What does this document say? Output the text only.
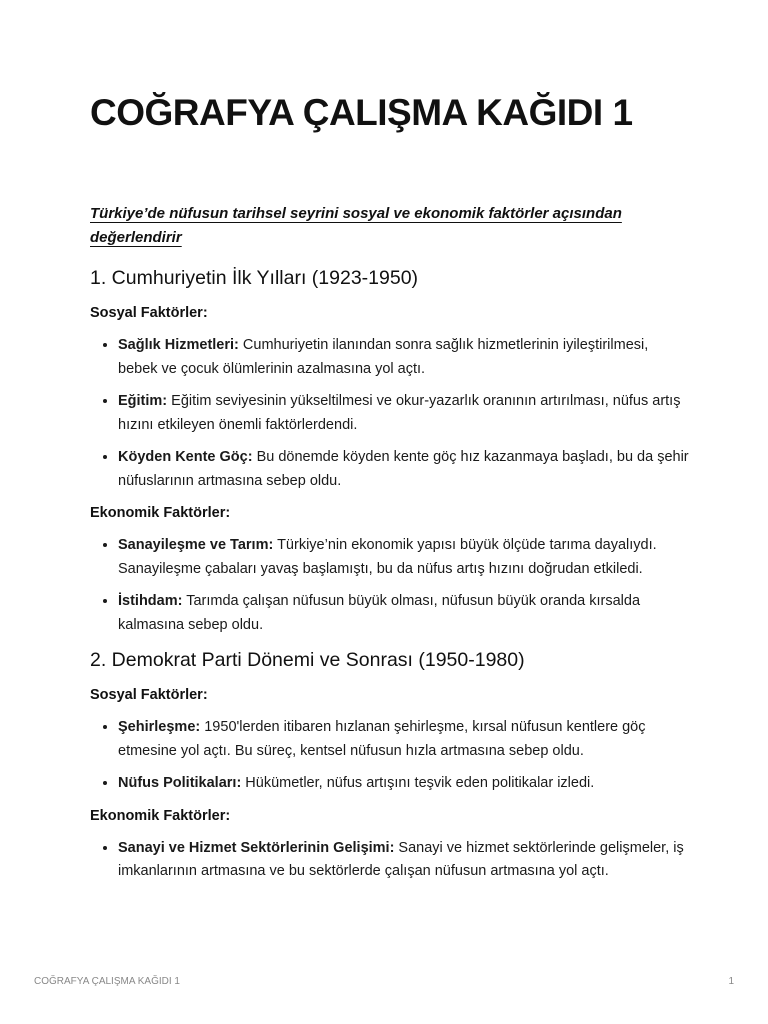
COĞRAFYA ÇALIŞMA KAĞIDI 1

Türkiye’de nüfusun tarihsel seyrini sosyal ve ekonomik faktörler açısından değerlendirir

1. Cumhuriyetin İlk Yılları (1923-1950)
Sosyal Faktörler:
• Sağlık Hizmetleri: Cumhuriyetin ilanından sonra sağlık hizmetlerinin iyileştirilmesi, bebek ve çocuk ölümlerinin azalmasına yol açtı.
• Eğitim: Eğitim seviyesinin yükseltilmesi ve okur-yazarlık oranının artırılması, nüfus artış hızını etkileyen önemli faktörlerdendi.
• Köyden Kente Göç: Bu dönemde köyden kente göç hız kazanmaya başladı, bu da şehir nüfuslarının artmasına sebep oldu.
Ekonomik Faktörler:
• Sanayileşme ve Tarım: Türkiye’nin ekonomik yapısı büyük ölçüde tarıma dayalıydı. Sanayileşme çabaları yavaş başlamıştı, bu da nüfus artış hızını doğrudan etkiledi.
• İstihdam: Tarımda çalışan nüfusun büyük olması, nüfusun büyük oranda kırsalda kalmasına sebep oldu.
2. Demokrat Parti Dönemi ve Sonrası (1950-1980)
Sosyal Faktörler:
• Şehirleşme: 1950'lerden itibaren hızlanan şehirleşme, kırsal nüfusun kentlere göç etmesine yol açtı. Bu süreç, kentsel nüfusun hızla artmasına sebep oldu.
• Nüfus Politikaları: Hükümetler, nüfus artışını teşvik eden politikalar izledi.
Ekonomik Faktörler:
• Sanayi ve Hizmet Sektörlerinin Gelişimi: Sanayi ve hizmet sektörlerinde gelişmeler, iş imkanlarının artmasına ve bu sektörlerde çalışan nüfusun artmasına yol açtı.
COĞRAFYA ÇALIŞMA KAĞIDI 1	1
